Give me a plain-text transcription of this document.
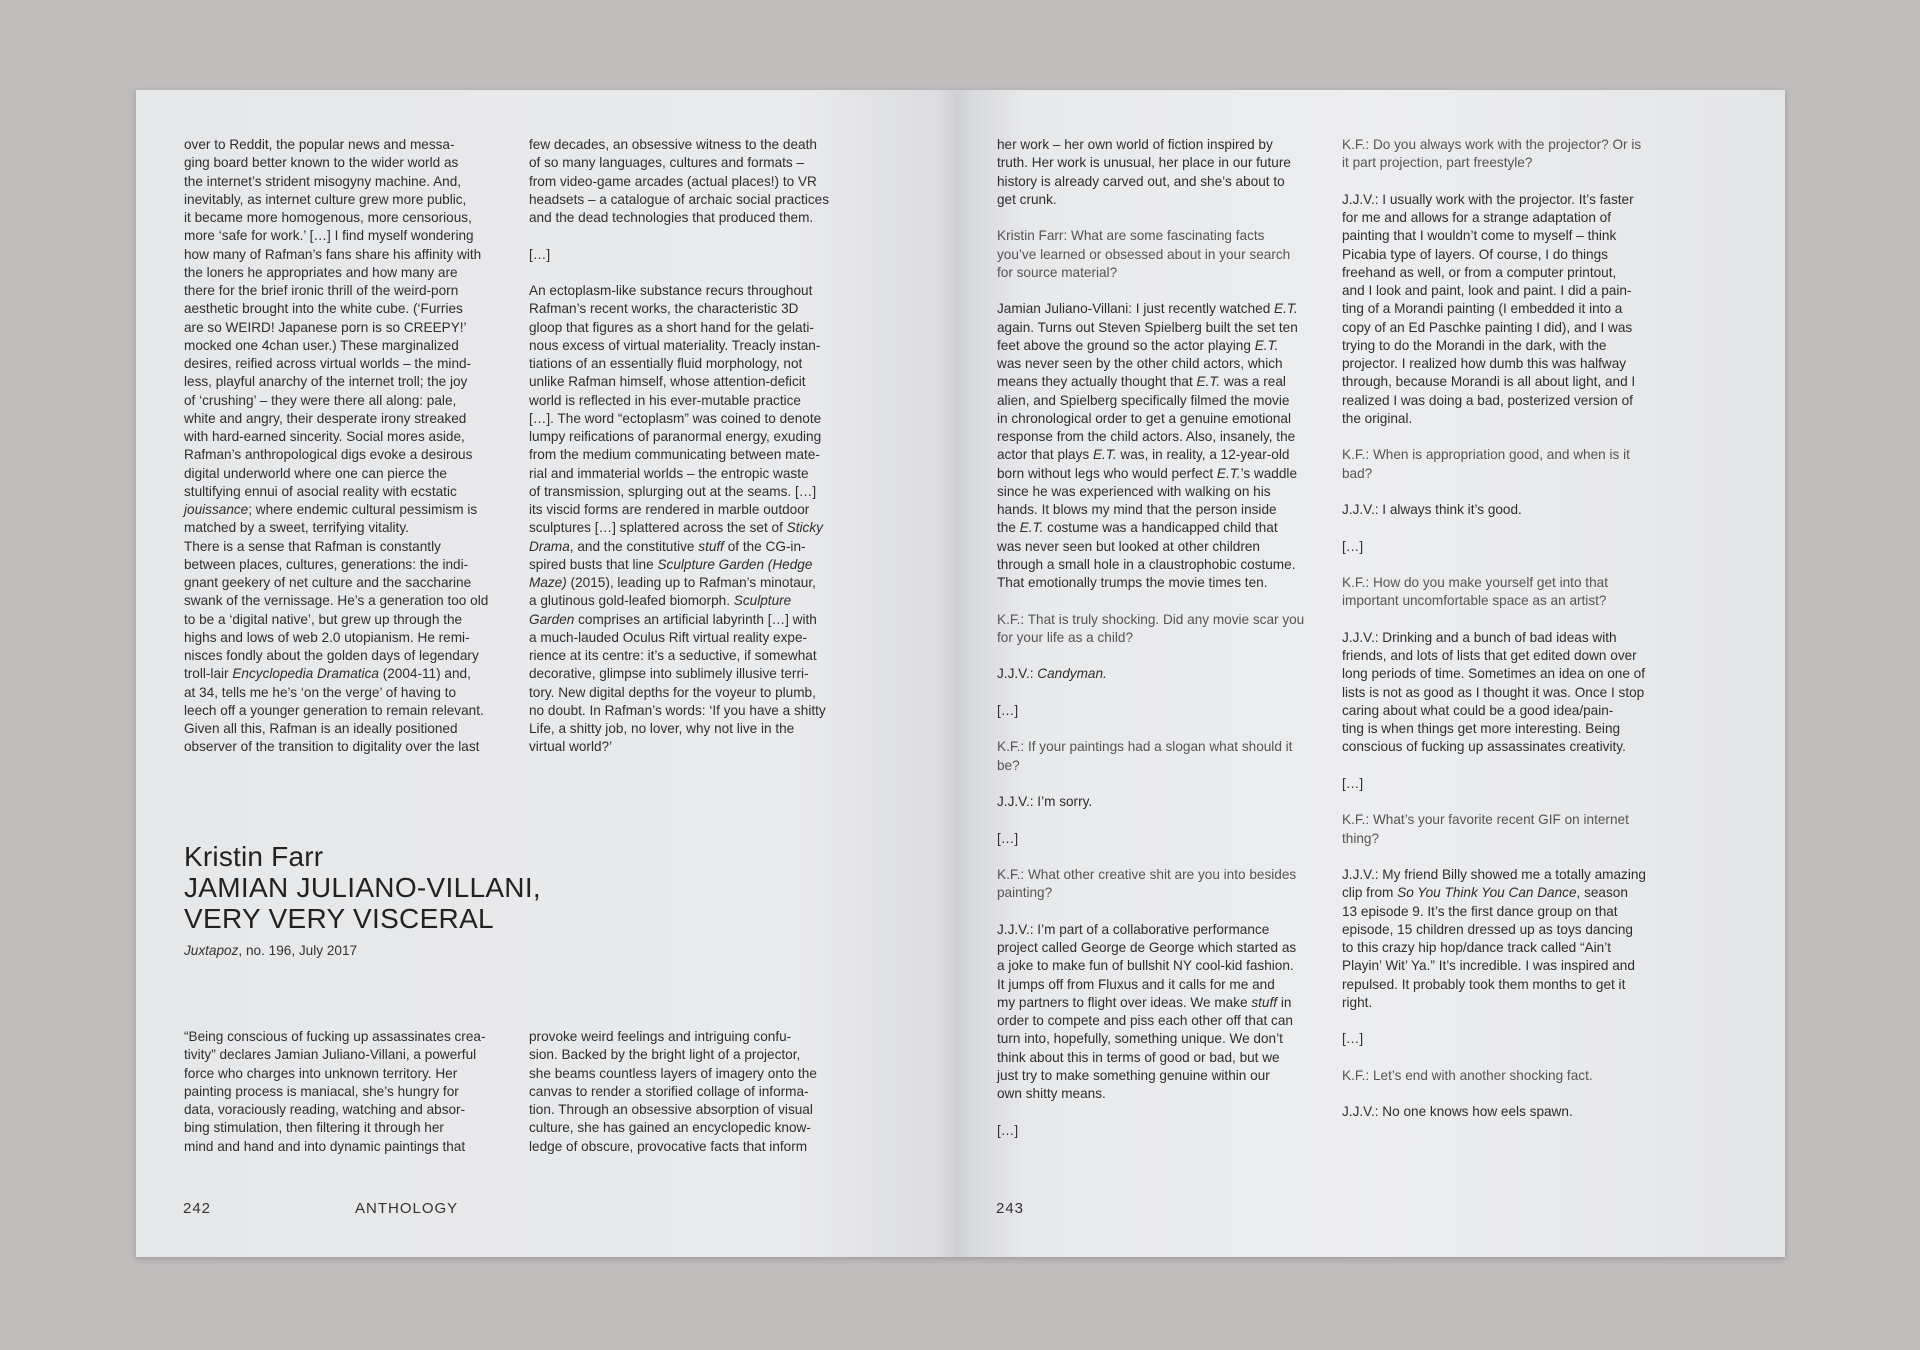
over to Reddit, the popular news and messa-
ging board better known to the wider world as
the internet’s strident misogyny machine. And,
inevitably, as internet culture grew more public,
it became more homogenous, more censorious,
more ‘safe for work.’ […] I find myself wondering
how many of Rafman’s fans share his affinity with
the loners he appropriates and how many are
there for the brief ironic thrill of the weird-porn
aesthetic brought into the white cube. (‘Furries
are so WEIRD! Japanese porn is so CREEPY!’
mocked one 4chan user.) These marginalized
desires, reified across virtual worlds – the mind-
less, playful anarchy of the internet troll; the joy
of ‘crushing’ – they were there all along: pale,
white and angry, their desperate irony streaked
with hard-earned sincerity. Social mores aside,
Rafman’s anthropological digs evoke a desirous
digital underworld where one can pierce the
stultifying ennui of asocial reality with ecstatic
jouissance; where endemic cultural pessimism is
matched by a sweet, terrifying vitality.
There is a sense that Rafman is constantly
between places, cultures, generations: the indi-
gnant geekery of net culture and the saccharine
swank of the vernissage. He’s a generation too old
to be a ‘digital native’, but grew up through the
highs and lows of web 2.0 utopianism. He remi-
nisces fondly about the golden days of legendary
troll-lair Encyclopedia Dramatica (2004-11) and,
at 34, tells me he’s ‘on the verge’ of having to
leech off a younger generation to remain relevant.
Given all this, Rafman is an ideally positioned
observer of the transition to digitality over the last

few decades, an obsessive witness to the death
of so many languages, cultures and formats –
from video-game arcades (actual places!) to VR
headsets – a catalogue of archaic social practices
and the dead technologies that produced them.

[…]

An ectoplasm-like substance recurs throughout
Rafman’s recent works, the characteristic 3D
gloop that figures as a short hand for the gelati-
nous excess of virtual materiality. Treacly instan-
tiations of an essentially fluid morphology, not
unlike Rafman himself, whose attention-deficit
world is reflected in his ever-mutable practice
[…]. The word “ectoplasm” was coined to denote
lumpy reifications of paranormal energy, exuding
from the medium communicating between mate-
rial and immaterial worlds – the entropic waste
of transmission, splurging out at the seams. […]
its viscid forms are rendered in marble outdoor
sculptures […] splattered across the set of Sticky
Drama, and the constitutive stuff of the CG-in-
spired busts that line Sculpture Garden (Hedge
Maze) (2015), leading up to Rafman’s minotaur,
a glutinous gold-leafed biomorph. Sculpture
Garden comprises an artificial labyrinth […] with
a much-lauded Oculus Rift virtual reality expe-
rience at its centre: it’s a seductive, if somewhat
decorative, glimpse into sublimely illusive terri-
tory. New digital depths for the voyeur to plumb,
no doubt. In Rafman’s words: ‘If you have a shitty
Life, a shitty job, no lover, why not live in the
virtual world?’

Kristin Farr
JAMIAN JULIANO-VILLANI,
VERY VERY VISCERAL
Juxtapoz, no. 196, July 2017
“Being conscious of fucking up assassinates crea-
tivity” declares Jamian Juliano-Villani, a powerful
force who charges into unknown territory. Her
painting process is maniacal, she’s hungry for
data, voraciously reading, watching and absor-
bing stimulation, then filtering it through her
mind and hand and into dynamic paintings that
provoke weird feelings and intriguing confu-
sion. Backed by the bright light of a projector,
she beams countless layers of imagery onto the
canvas to render a storified collage of informa-
tion. Through an obsessive absorption of visual
culture, she has gained an encyclopedic know-
ledge of obscure, provocative facts that inform
242	ANTHOLOGY
her work – her own world of fiction inspired by
truth. Her work is unusual, her place in our future
history is already carved out, and she’s about to
get crunk.
Kristin Farr: What are some fascinating facts
you’ve learned or obsessed about in your search
for source material?
Jamian Juliano-Villani: I just recently watched E.T.
again. Turns out Steven Spielberg built the set ten
feet above the ground so the actor playing E.T.
was never seen by the other child actors, which
means they actually thought that E.T. was a real
alien, and Spielberg specifically filmed the movie
in chronological order to get a genuine emotional
response from the child actors. Also, insanely, the
actor that plays E.T. was, in reality, a 12-year-old
born without legs who would perfect E.T.’s waddle
since he was experienced with walking on his
hands. It blows my mind that the person inside
the E.T. costume was a handicapped child that
was never seen but looked at other children
through a small hole in a claustrophobic costume.
That emotionally trumps the movie times ten.
K.F.: That is truly shocking. Did any movie scar you
for your life as a child?
J.J.V.: Candyman.
[…]
K.F.: If your paintings had a slogan what should it
be?
J.J.V.: I’m sorry.
[…]
K.F.: What other creative shit are you into besides
painting?
J.J.V.: I’m part of a collaborative performance
project called George de George which started as
a joke to make fun of bullshit NY cool-kid fashion.
It jumps off from Fluxus and it calls for me and
my partners to flight over ideas. We make stuff in
order to compete and piss each other off that can
turn into, hopefully, something unique. We don’t
think about this in terms of good or bad, but we
just try to make something genuine within our
own shitty means.
[…]
K.F.: Do you always work with the projector? Or is
it part projection, part freestyle?
J.J.V.: I usually work with the projector. It’s faster
for me and allows for a strange adaptation of
painting that I wouldn’t come to myself – think
Picabia type of layers. Of course, I do things
freehand as well, or from a computer printout,
and I look and paint, look and paint. I did a pain-
ting of a Morandi painting (I embedded it into a
copy of an Ed Paschke painting I did), and I was
trying to do the Morandi in the dark, with the
projector. I realized how dumb this was halfway
through, because Morandi is all about light, and I
realized I was doing a bad, posterized version of
the original.
K.F.: When is appropriation good, and when is it
bad?
J.J.V.: I always think it’s good.
[…]
K.F.: How do you make yourself get into that
important uncomfortable space as an artist?
J.J.V.: Drinking and a bunch of bad ideas with
friends, and lots of lists that get edited down over
long periods of time. Sometimes an idea on one of
lists is not as good as I thought it was. Once I stop
caring about what could be a good idea/pain-
ting is when things get more interesting. Being
conscious of fucking up assassinates creativity.
[…]
K.F.: What’s your favorite recent GIF on internet
thing?
J.J.V.: My friend Billy showed me a totally amazing
clip from So You Think You Can Dance, season
13 episode 9. It’s the first dance group on that
episode, 15 children dressed up as toys dancing
to this crazy hip hop/dance track called “Ain’t
Playin’ Wit’ Ya.” It’s incredible. I was inspired and
repulsed. It probably took them months to get it
right.
[…]
K.F.: Let’s end with another shocking fact.
J.J.V.: No one knows how eels spawn.
243
